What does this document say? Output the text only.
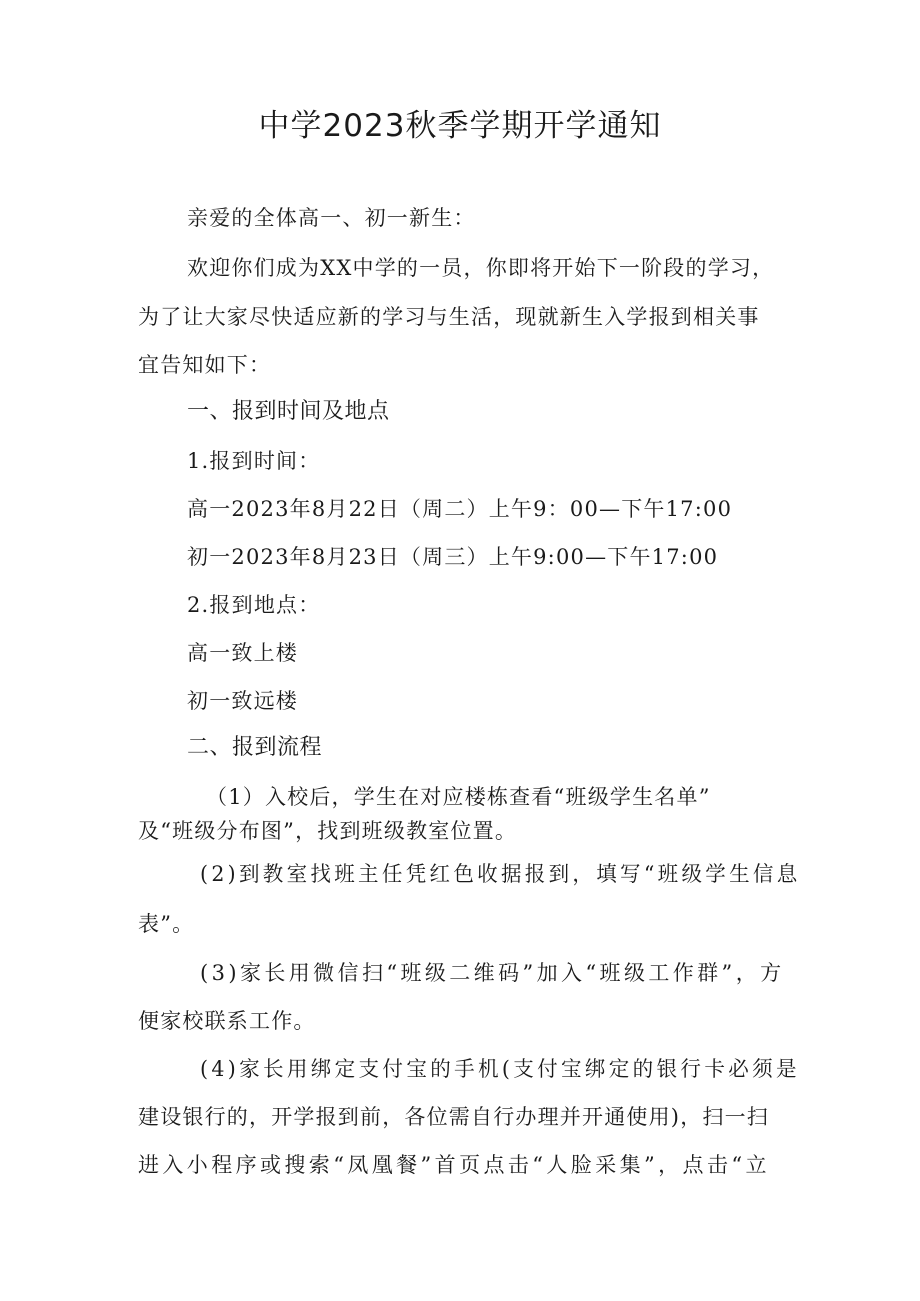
中学2023秋季学期开学通知
亲爱的全体高一、初一新生：
欢迎你们成为XX中学的一员，你即将开始下一阶段的学习，
为了让大家尽快适应新的学习与生活，现就新生入学报到相关事
宜告知如下：
一、报到时间及地点
1.报到时间：
高一2023年8月22日（周二）上午9：00—下午17:00
初一2023年8月23日（周三）上午9:00—下午17:00
2.报到地点：
高一致上楼
初一致远楼
二、报到流程
（1）入校后，学生在对应楼栋查看“班级学生名单”
及“班级分布图”，找到班级教室位置。
(2)到教室找班主任凭红色收据报到，填写“班级学生信息
表”。
(3)家长用微信扫“班级二维码”加入“班级工作群”，方
便家校联系工作。
(4)家长用绑定支付宝的手机(支付宝绑定的银行卡必须是
建设银行的，开学报到前，各位需自行办理并开通使用)，扫一扫
进入小程序或搜索“凤凰餐”首页点击“人脸采集”，点击“立
